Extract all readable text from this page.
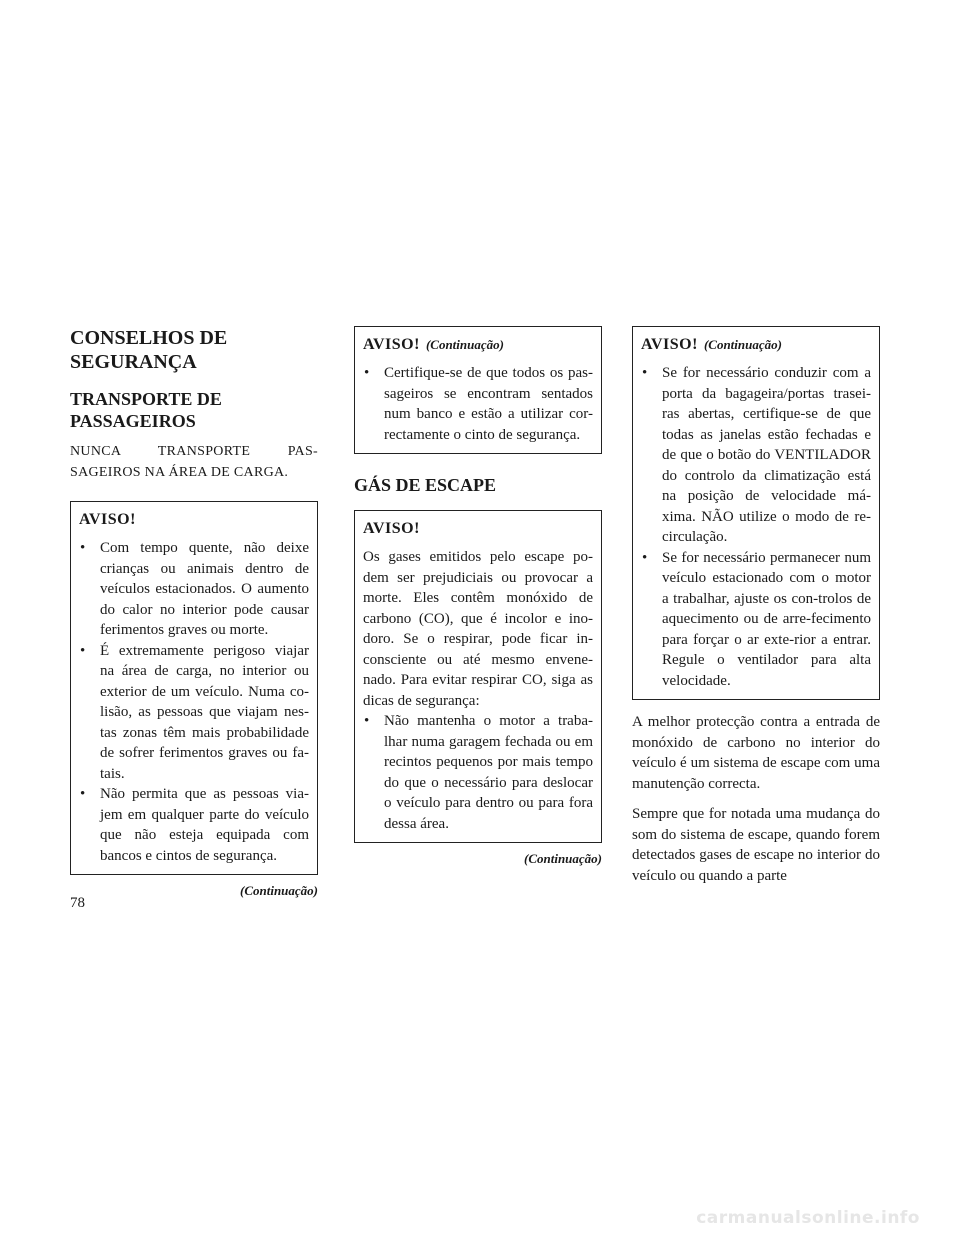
CONSELHOS DE SEGURANÇA
TRANSPORTE DE PASSAGEIROS

NUNCA TRANSPORTE PAS-SAGEIROS NA ÁREA DE CARGA.

AVISO!
• Com tempo quente, não deixe crianças ou animais dentro de veículos estacionados. O aumento do calor no interior pode causar ferimentos graves ou morte.
• É extremamente perigoso viajar na área de carga, no interior ou exterior de um veículo. Numa co-lisão, as pessoas que viajam nes-tas zonas têm mais probabilidade de sofrer ferimentos graves ou fa-tais.
• Não permita que as pessoas via-jem em qualquer parte do veículo que não esteja equipada com bancos e cintos de segurança.
(Continuação)
AVISO! (Continuação)
• Certifique-se de que todos os pas-sageiros se encontram sentados num banco e estão a utilizar cor-rectamente o cinto de segurança.
GÁS DE ESCAPE
AVISO!

Os gases emitidos pelo escape po-dem ser prejudiciais ou provocar a morte. Eles contêm monóxido de carbono (CO), que é incolor e ino-doro. Se o respirar, pode ficar in-consciente ou até mesmo envene-nado. Para evitar respirar CO, siga as dicas de segurança:

• Não mantenha o motor a traba-lhar numa garagem fechada ou em recintos pequenos por mais tempo do que o necessário para deslocar o veículo para dentro ou para fora dessa área.
(Continuação)
AVISO! (Continuação)
• Se for necessário conduzir com a porta da bagageira/portas trasei-ras abertas, certifique-se de que todas as janelas estão fechadas e de que o botão do VENTILADOR do controlo da climatização está na posição de velocidade má-xima. NÃO utilize o modo de re-circulação.
• Se for necessário permanecer num veículo estacionado com o motor a trabalhar, ajuste os con-trolos de aquecimento ou de arre-fecimento para forçar o ar exte-rior a entrar. Regule o ventilador para alta velocidade.

A melhor protecção contra a entrada de monóxido de carbono no interior do veículo é um sistema de escape com uma manutenção correcta.

Sempre que for notada uma mudança do som do sistema de escape, quando forem detectados gases de escape no interior do veículo ou quando a parte

78
carmanualsonline.info
